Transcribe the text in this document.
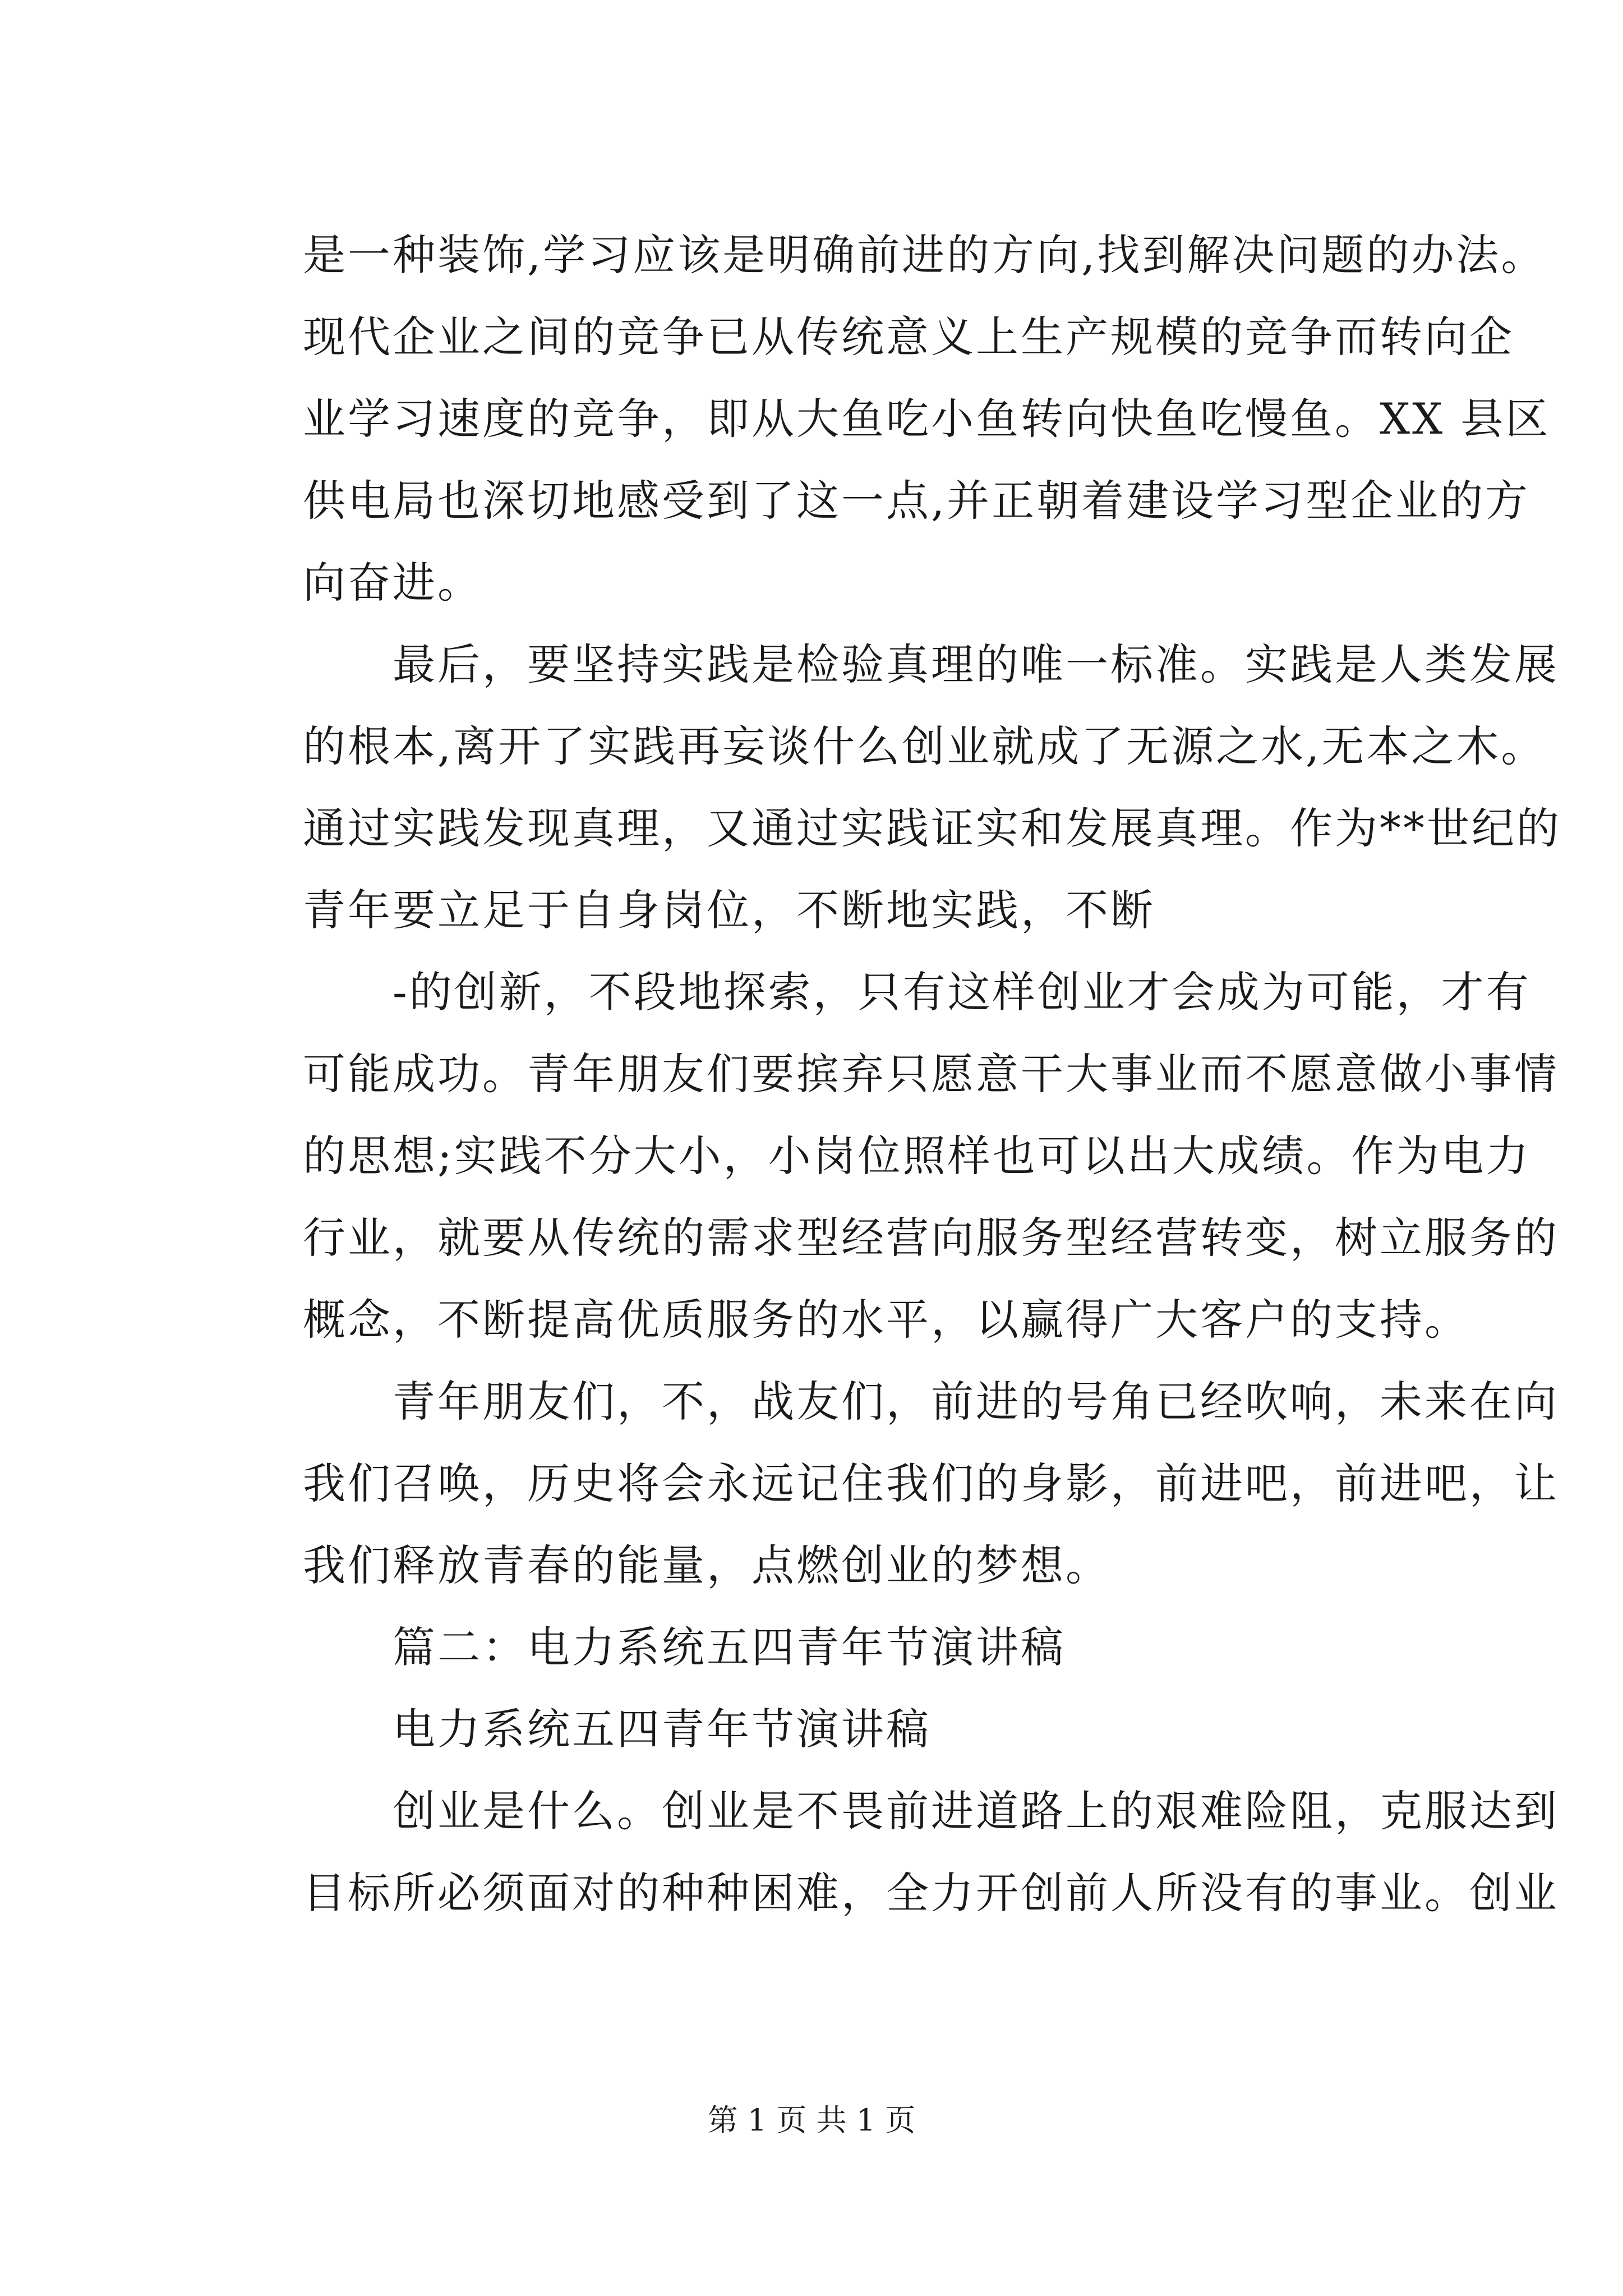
是一种装饰,学习应该是明确前进的方向,找到解决问题的办法。
现代企业之间的竞争已从传统意义上生产规模的竞争而转向企
业学习速度的竞争，即从大鱼吃小鱼转向快鱼吃慢鱼。XX 县区
供电局也深切地感受到了这一点,并正朝着建设学习型企业的方
向奋进。
最后，要坚持实践是检验真理的唯一标准。实践是人类发展
的根本,离开了实践再妄谈什么创业就成了无源之水,无本之木。
通过实践发现真理，又通过实践证实和发展真理。作为**世纪的
青年要立足于自身岗位，不断地实践，不断
-的创新，不段地探索，只有这样创业才会成为可能，才有
可能成功。青年朋友们要摈弃只愿意干大事业而不愿意做小事情
的思想;实践不分大小，小岗位照样也可以出大成绩。作为电力
行业，就要从传统的需求型经营向服务型经营转变，树立服务的
概念，不断提高优质服务的水平，以赢得广大客户的支持。
青年朋友们，不，战友们，前进的号角已经吹响，未来在向
我们召唤，历史将会永远记住我们的身影，前进吧，前进吧，让
我们释放青春的能量，点燃创业的梦想。
篇二：电力系统五四青年节演讲稿
电力系统五四青年节演讲稿
创业是什么。创业是不畏前进道路上的艰难险阻，克服达到
目标所必须面对的种种困难，全力开创前人所没有的事业。创业
第 1 页 共 1 页
